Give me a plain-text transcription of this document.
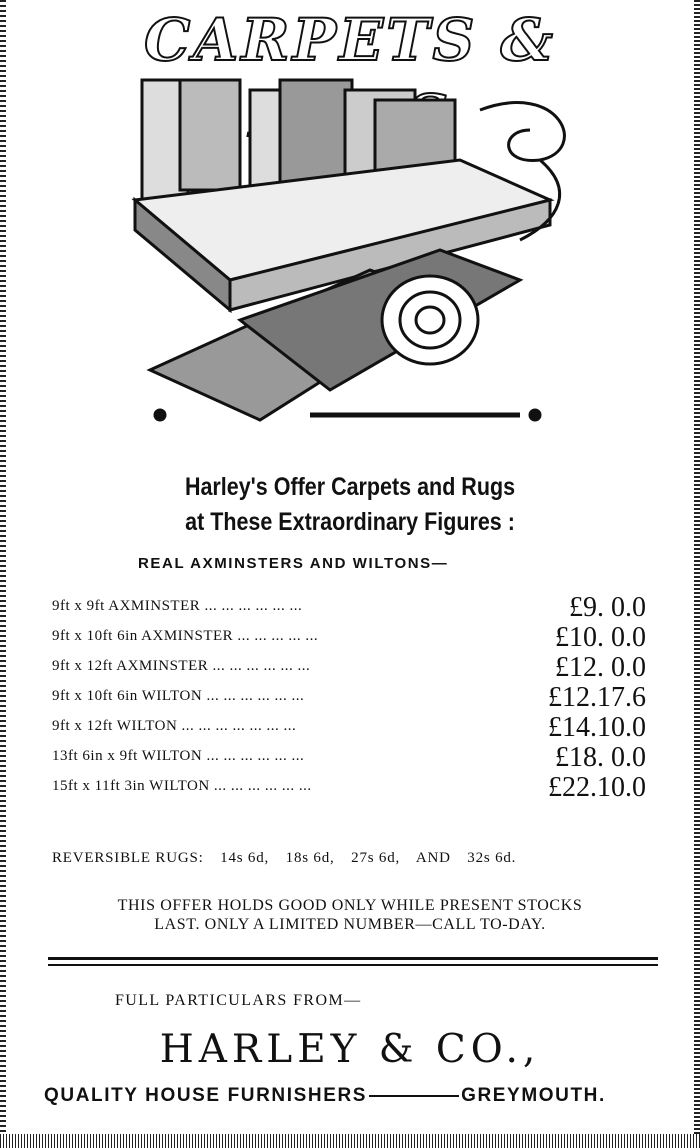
CARPETS &
Harley's Offer Carpets and Rugs
at These Extraordinary Figures :
REAL AXMINSTERS AND WILTONS—
9ft x 9ft AXMINSTER ... ... ... ... ... ...	£9. 0.0
9ft x 10ft 6in AXMINSTER ... ... ... ... ...	£10. 0.0
9ft x 12ft AXMINSTER ... ... ... ... ... ...	£12. 0.0
9ft x 10ft 6in WILTON ... ... ... ... ... ...	£12.17.6
9ft x 12ft WILTON ... ... ... ... ... ... ...	£14.10.0
13ft 6in x 9ft WILTON ... ... ... ... ... ...	£18. 0.0
15ft x 11ft 3in WILTON ... ... ... ... ... ...	£22.10.0
REVERSIBLE RUGS: 14s 6d, 18s 6d, 27s 6d, AND 32s 6d.
THIS OFFER HOLDS GOOD ONLY WHILE PRESENT STOCKS
LAST. ONLY A LIMITED NUMBER—CALL TO-DAY.
FULL PARTICULARS FROM—
HARLEY & CO.,
QUALITY HOUSE FURNISHERS	GREYMOUTH.
